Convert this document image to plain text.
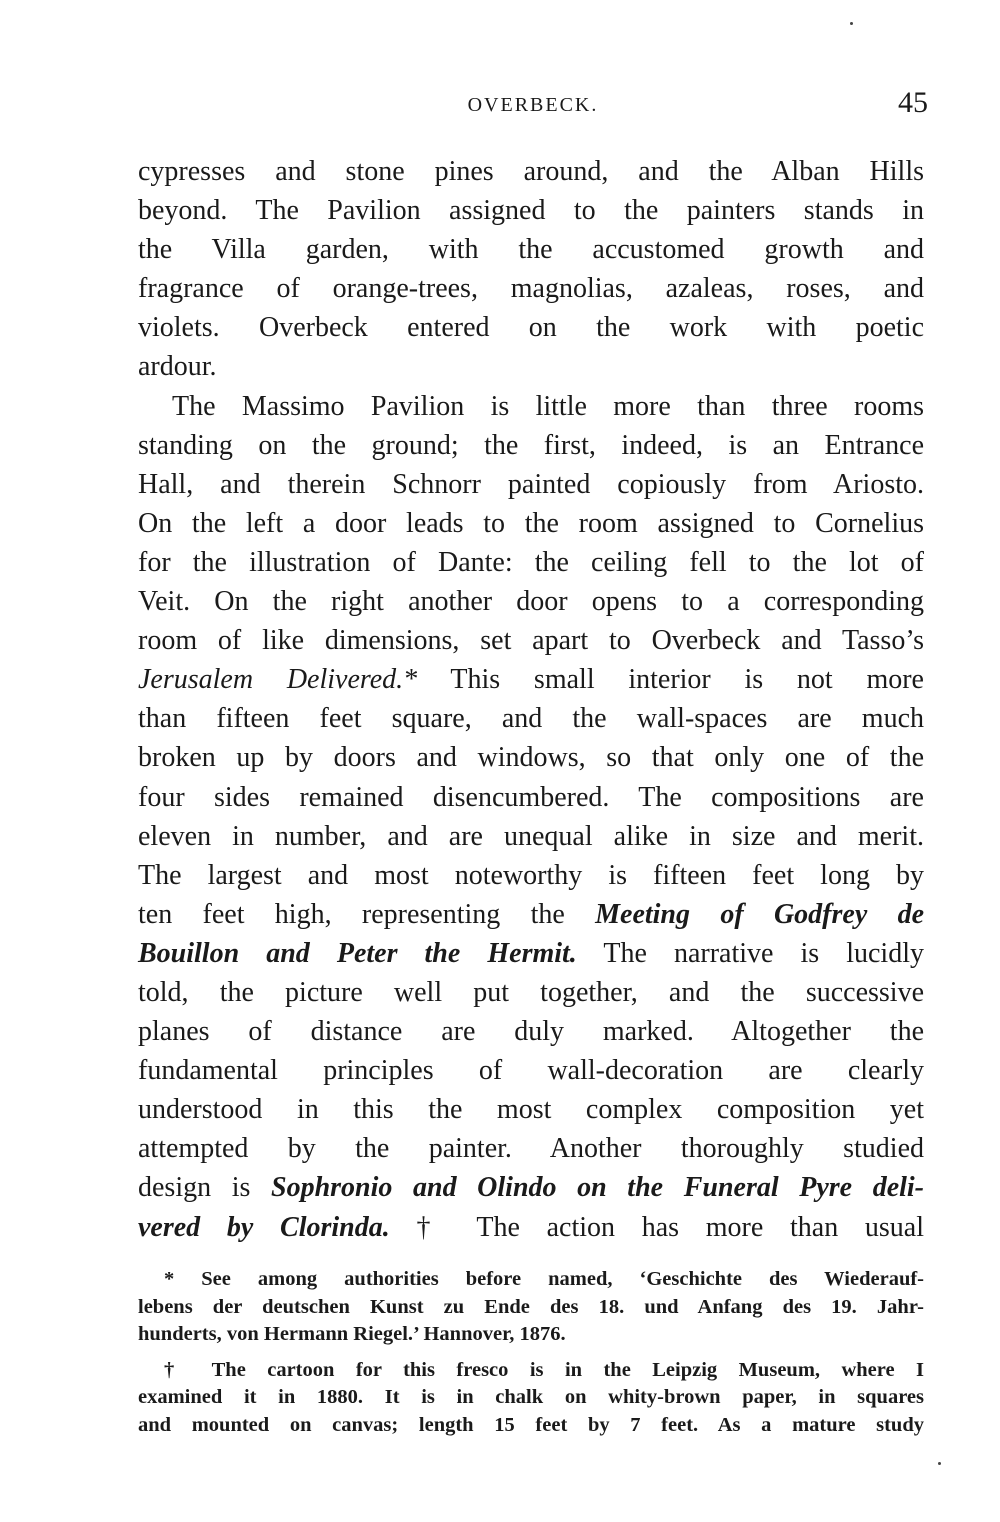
OVERBECK.	45
cypresses and stone pines around, and the Alban Hills
beyond. The Pavilion assigned to the painters stands in
the Villa garden, with the accustomed growth and
fragrance of orange-trees, magnolias, azaleas, roses, and
violets. Overbeck entered on the work with poetic
ardour.
The Massimo Pavilion is little more than three rooms
standing on the ground; the first, indeed, is an Entrance
Hall, and therein Schnorr painted copiously from Ariosto.
On the left a door leads to the room assigned to Cornelius
for the illustration of Dante: the ceiling fell to the lot of
Veit. On the right another door opens to a corresponding
room of like dimensions, set apart to Overbeck and Tasso’s
Jerusalem Delivered.* This small interior is not more
than fifteen feet square, and the wall-spaces are much
broken up by doors and windows, so that only one of the
four sides remained disencumbered. The compositions are
eleven in number, and are unequal alike in size and merit.
The largest and most noteworthy is fifteen feet long by
ten feet high, representing the Meeting of Godfrey de
Bouillon and Peter the Hermit. The narrative is lucidly
told, the picture well put together, and the successive
planes of distance are duly marked. Altogether the
fundamental principles of wall-decoration are clearly
understood in this the most complex composition yet
attempted by the painter. Another thoroughly studied
design is Sophronio and Olindo on the Funeral Pyre deli-
vered by Clorinda. † The action has more than usual
* See among authorities before named, ‘Geschichte des Wiederauf-
lebens der deutschen Kunst zu Ende des 18. und Anfang des 19. Jahr-
hunderts, von Hermann Riegel.’ Hannover, 1876.
† The cartoon for this fresco is in the Leipzig Museum, where I
examined it in 1880. It is in chalk on whity-brown paper, in squares
and mounted on canvas; length 15 feet by 7 feet. As a mature study
